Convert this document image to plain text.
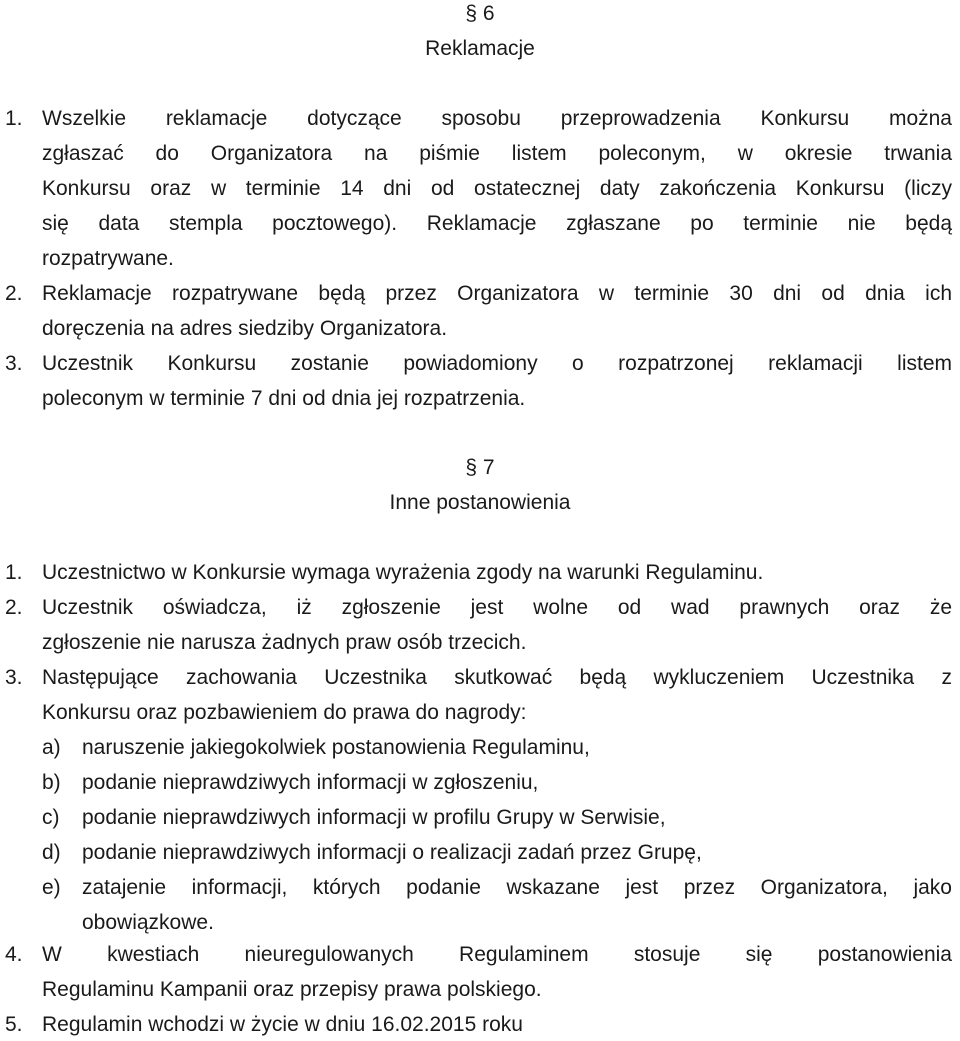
§ 6
Reklamacje
1. Wszelkie reklamacje dotyczące sposobu przeprowadzenia Konkursu można
zgłaszać do Organizatora na piśmie listem poleconym, w okresie trwania
Konkursu oraz w terminie 14 dni od ostatecznej daty zakończenia Konkursu (liczy
się data stempla pocztowego). Reklamacje zgłaszane po terminie nie będą
rozpatrywane.
2. Reklamacje rozpatrywane będą przez Organizatora w terminie 30 dni od dnia ich
doręczenia na adres siedziby Organizatora.
3. Uczestnik Konkursu zostanie powiadomiony o rozpatrzonej reklamacji listem
poleconym w terminie 7 dni od dnia jej rozpatrzenia.
§ 7
Inne postanowienia
1. Uczestnictwo w Konkursie wymaga wyrażenia zgody na warunki Regulaminu.
2. Uczestnik oświadcza, iż zgłoszenie jest wolne od wad prawnych oraz że
zgłoszenie nie narusza żadnych praw osób trzecich.
3. Następujące zachowania Uczestnika skutkować będą wykluczeniem Uczestnika z
Konkursu oraz pozbawieniem do prawa do nagrody:
a) naruszenie jakiegokolwiek postanowienia Regulaminu,
b) podanie nieprawdziwych informacji w zgłoszeniu,
c) podanie nieprawdziwych informacji w profilu Grupy w Serwisie,
d) podanie nieprawdziwych informacji o realizacji zadań przez Grupę,
e) zatajenie informacji, których podanie wskazane jest przez Organizatora, jako
obowiązkowe.
4. W kwestiach nieuregulowanych Regulaminem stosuje się postanowienia
Regulaminu Kampanii oraz przepisy prawa polskiego.
5. Regulamin wchodzi w życie w dniu 16.02.2015 roku
